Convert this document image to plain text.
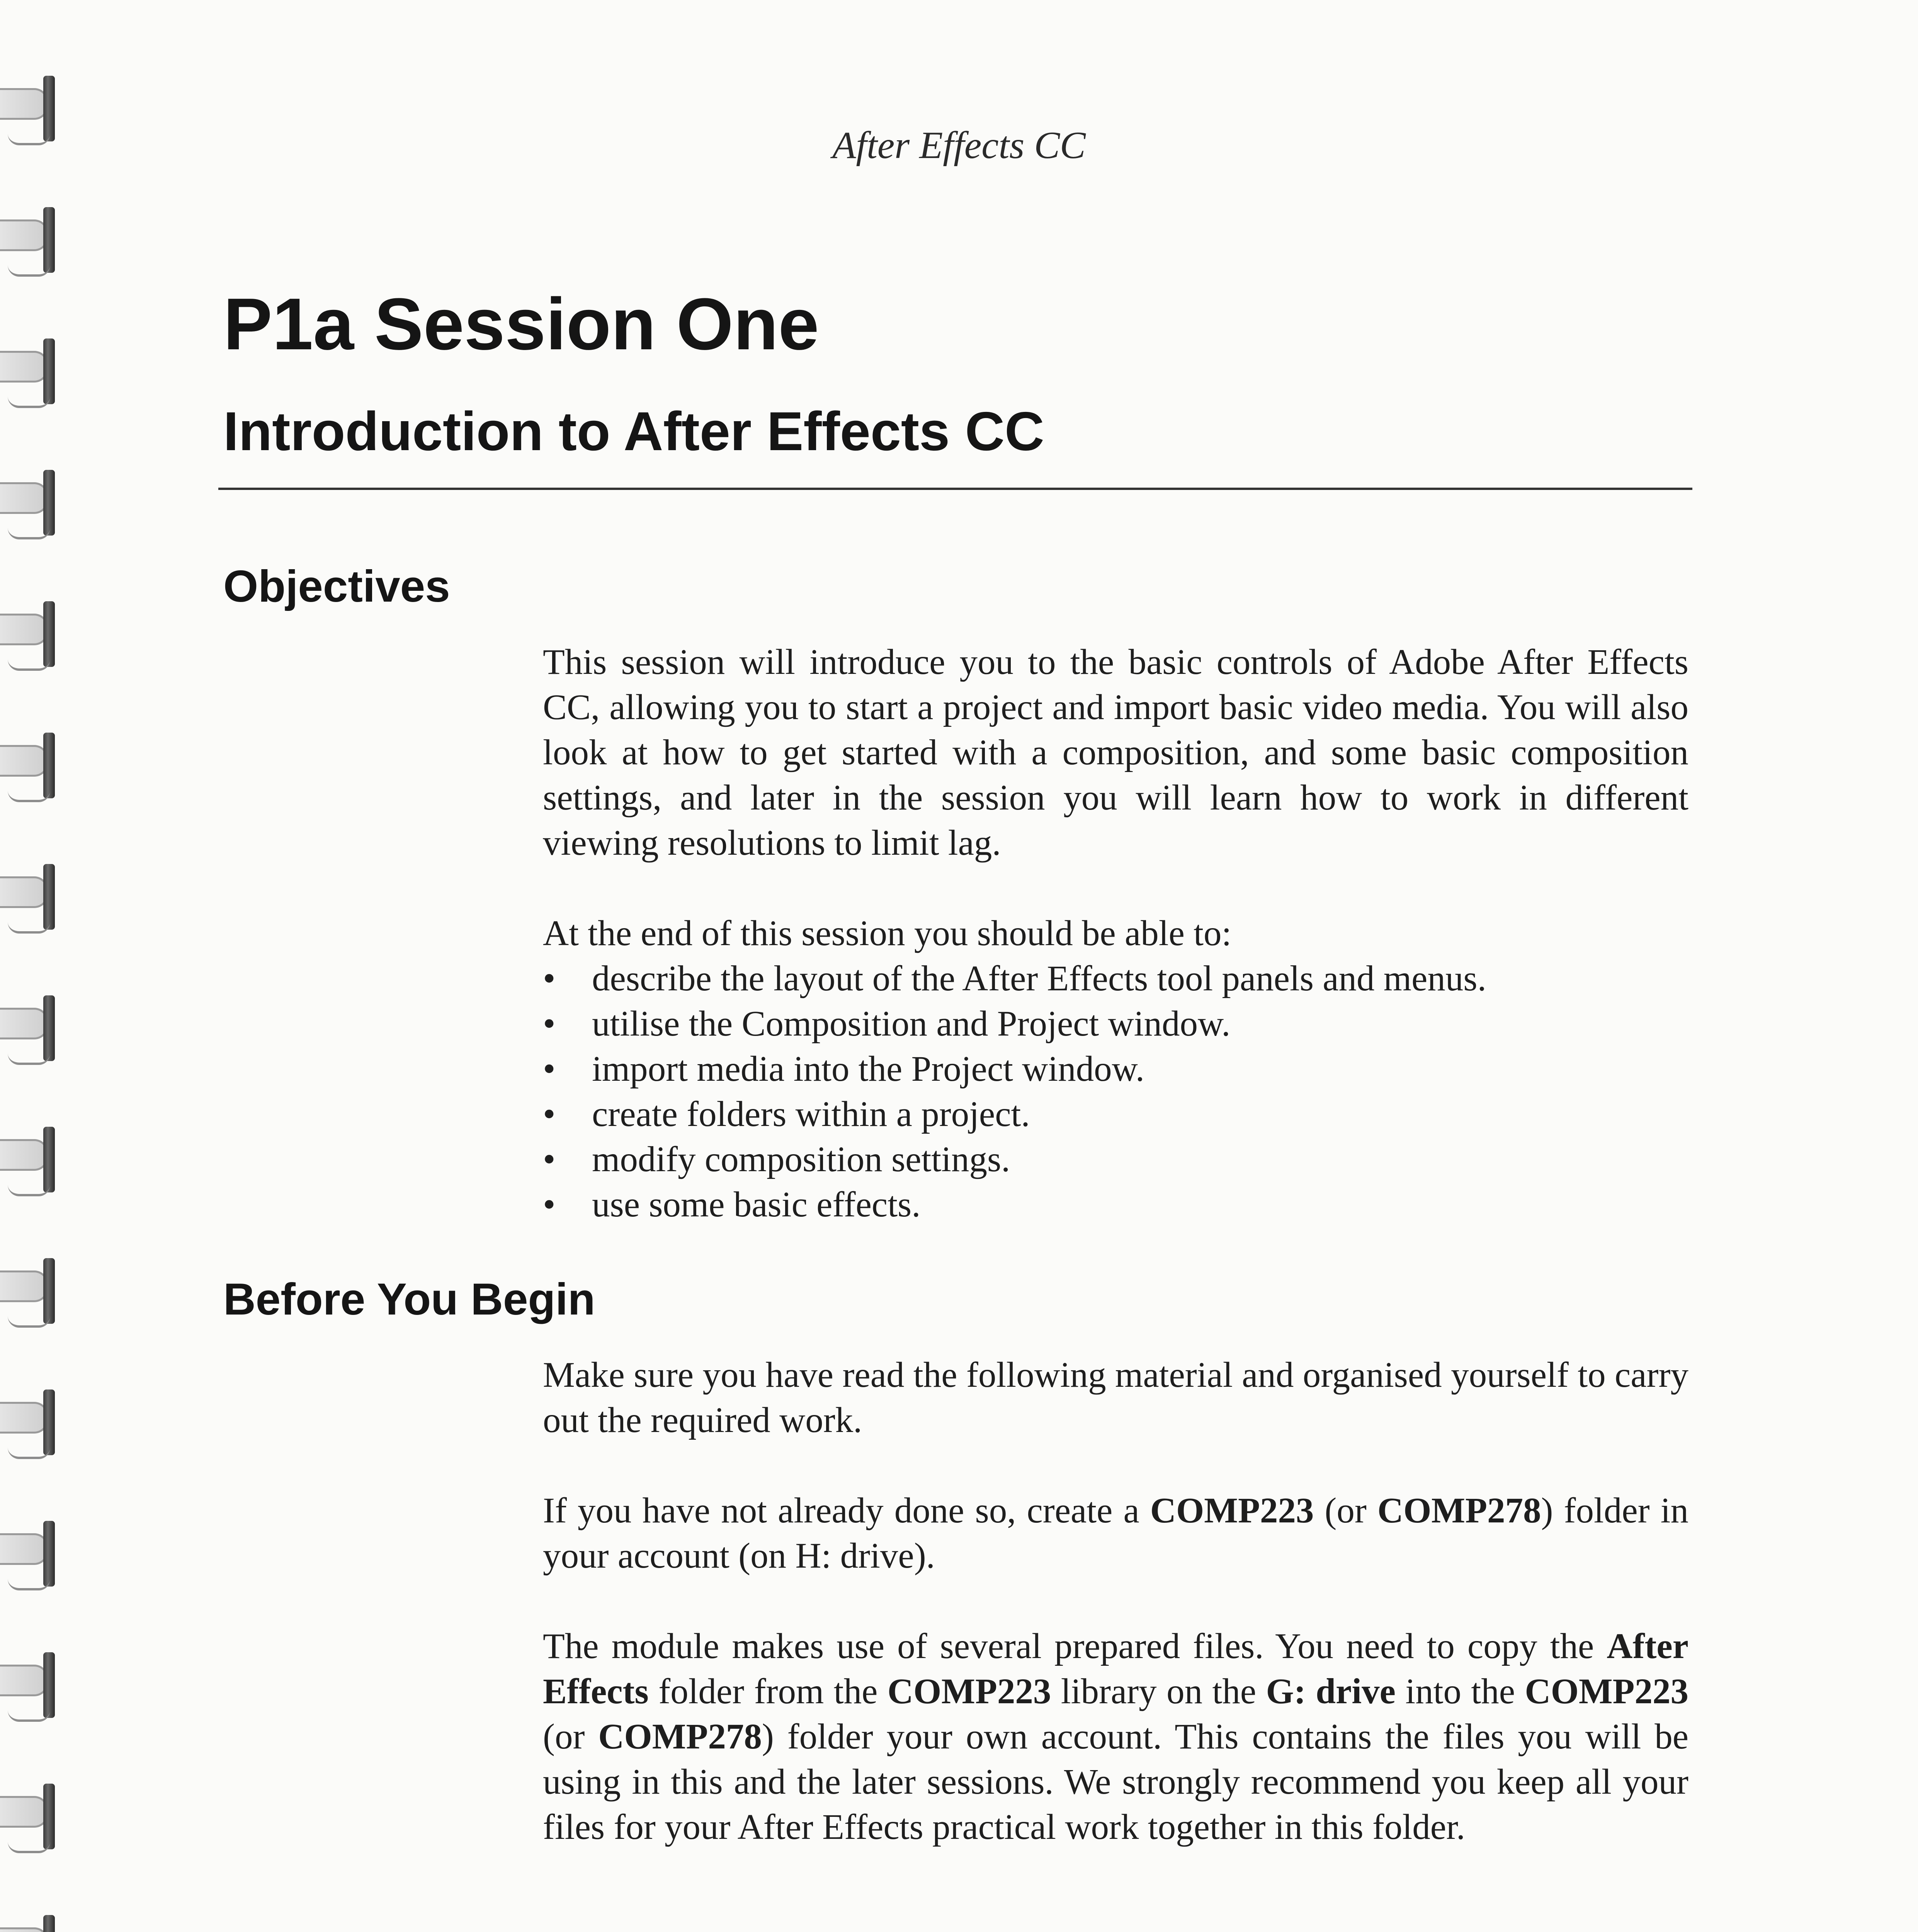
After Effects CC
P1a Session One
Introduction to After Effects CC
Objectives

This session will introduce you to the basic controls of Adobe After Effects CC, allowing you to start a project and import basic video media. You will also look at how to get started with a composition, and some basic composition settings, and later in the session you will learn how to work in different viewing resolutions to limit lag.

At the end of this session you should be able to:

• describe the layout of the After Effects tool panels and menus.
• utilise the Composition and Project window.
• import media into the Project window.
• create folders within a project.
• modify composition settings.
• use some basic effects.
Before You Begin

Make sure you have read the following material and organised yourself to carry out the required work.

If you have not already done so, create a COMP223 (or COMP278) folder in your account (on H: drive).

The module makes use of several prepared files. You need to copy the After Effects folder from the COMP223 library on the G: drive into the COMP223 (or COMP278) folder your own account. This contains the files you will be using in this and the later sessions. We strongly recommend you keep all your files for your After Effects practical work together in this folder.
